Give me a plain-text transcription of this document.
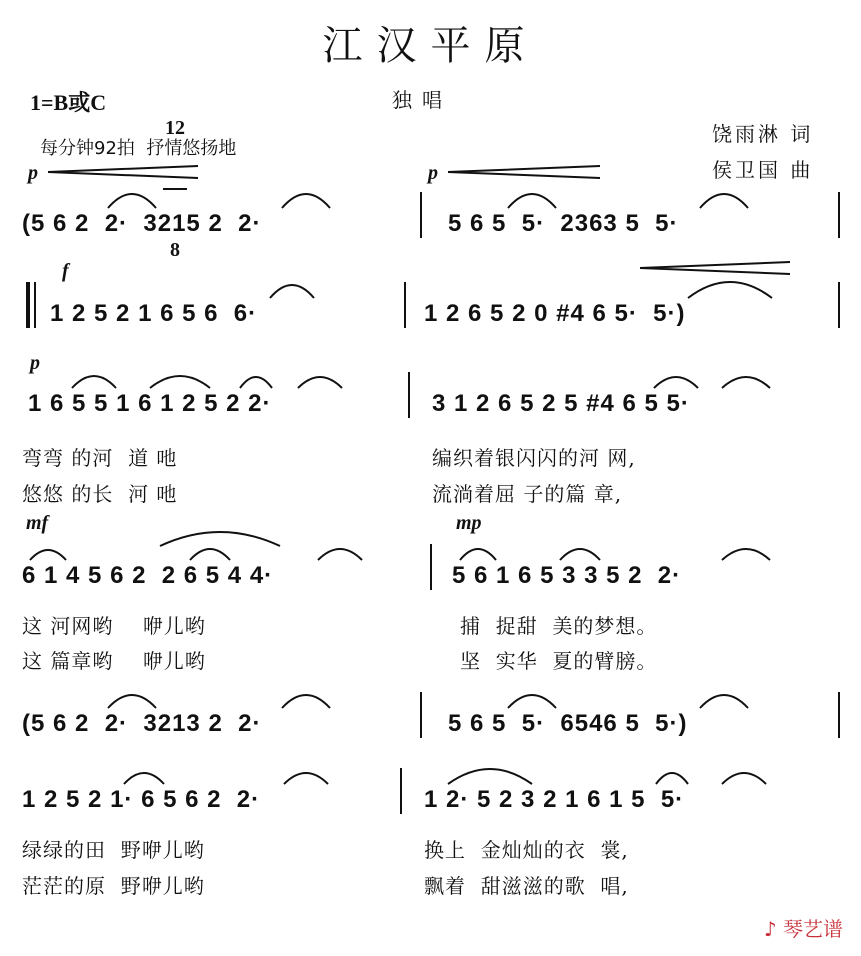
江汉平原
1=B或C

12

8

独唱
饶雨淋 词
侯卫国 曲
每分钟92拍  抒情悠扬地
p	p
f
p
mf	mp
(5 6 2  2·  3215 2  2·	5 6 5  5·  2363 5  5·
1 2 5 2 1 6 5 6  6·	1 2 6 5 2 0 #4 6 5·  5·)
1 6 5 5 1 6 1 2 5 2 2·	3 1 2 6 5 2 5 #4 6 5 5·
弯弯 的河  道 吔	编织着银闪闪的河 网,
悠悠 的长  河 吔	流淌着屈 子的篇 章,
6 1 4 5 6 2  2 6 5 4 4·	5 6 1 6 5 3 3 5 2  2·
这 河网哟    咿儿哟	捕  捉甜  美的梦想。
这 篇章哟    咿儿哟	坚  实华  夏的臂膀。
(5 6 2  2·  3213 2  2·	5 6 5  5·  6546 5  5·)
1 2 5 2 1· 6 5 6 2  2·	1 2· 5 2 3 2 1 6 1 5  5·
绿绿的田  野咿儿哟	换上  金灿灿的衣  裳,
茫茫的原  野咿儿哟	飘着  甜滋滋的歌  唱,

♪ 琴艺谱
